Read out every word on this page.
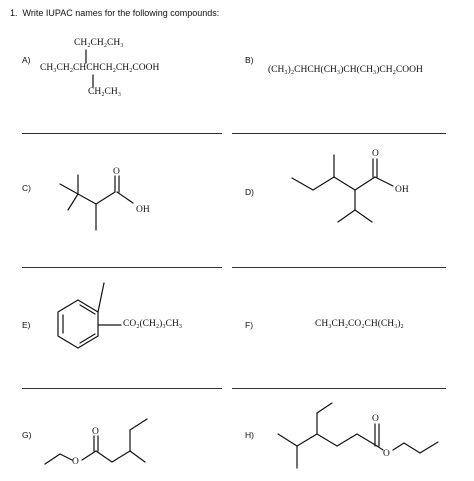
1. Write IUPAC names for the following compounds:
A)	B)
C)	D)
E)	F)
G)	H)
CH₂CH₂CH₃
CH₃CH₂CHCHCH₂CH₂COOH
CH₂CH₃
(CH₃)₂CHCH(CH₃)CH(CH₃)CH₂COOH
CO₂(CH₂)₃CH₃	CH₃CH₂CO₂CH(CH₃)₂
O
OH
O
OH
O
O
O
O
